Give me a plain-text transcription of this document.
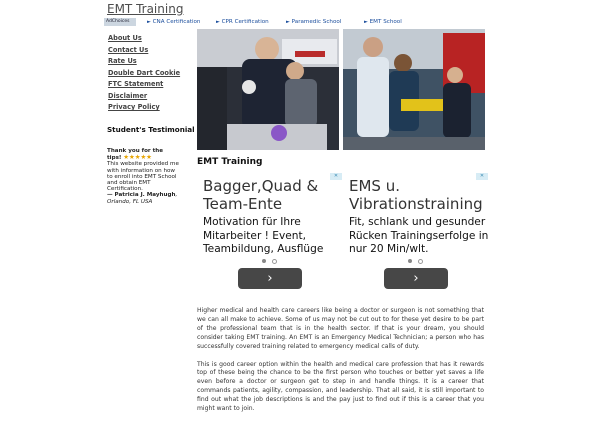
EMT Training
AdChoices	► CNA Certification	► CPR Certification	► Paramedic School	► EMT School
About Us
Contact Us
Rate Us
Double Dart Cookie
FTC Statement
Disclaimer
Privacy Policy
Student's Testimonial
Thank you for the tips! ★★★★★
This website provided me with information on how to enroll into EMT School and obtain EMT Certification.
— Patricia J. Mayhugh, Orlando, FL USA
EMT Training
✕
Bagger,Quad & Team-Ente
Motivation für Ihre Mitarbeiter ! Event, Teambildung, Ausflüge
›
✕
EMS u. Vibrationstraining
Fit, schlank und gesunder Rücken Trainingserfolge in nur 20 Min/wlt.
›

Higher medical and health care careers like being a doctor or surgeon is not something that we can all make to achieve. Some of us may not be cut out to for these yet desire to be part of the professional team that is in the health sector. If that is your dream, you should consider taking EMT training. An EMT is an Emergency Medical Technician; a person who has successfully covered training related to emergency medical calls of duty.

This is good career option within the health and medical care profession that has it rewards top of these being the chance to be the first person who touches or better yet saves a life even before a doctor or surgeon get to step in and handle things. It is a career that commands patients, agility, compassion, and leadership. That all said, it is still important to find out what the job descriptions is and the pay just to find out if this is a career that you might want to join.
